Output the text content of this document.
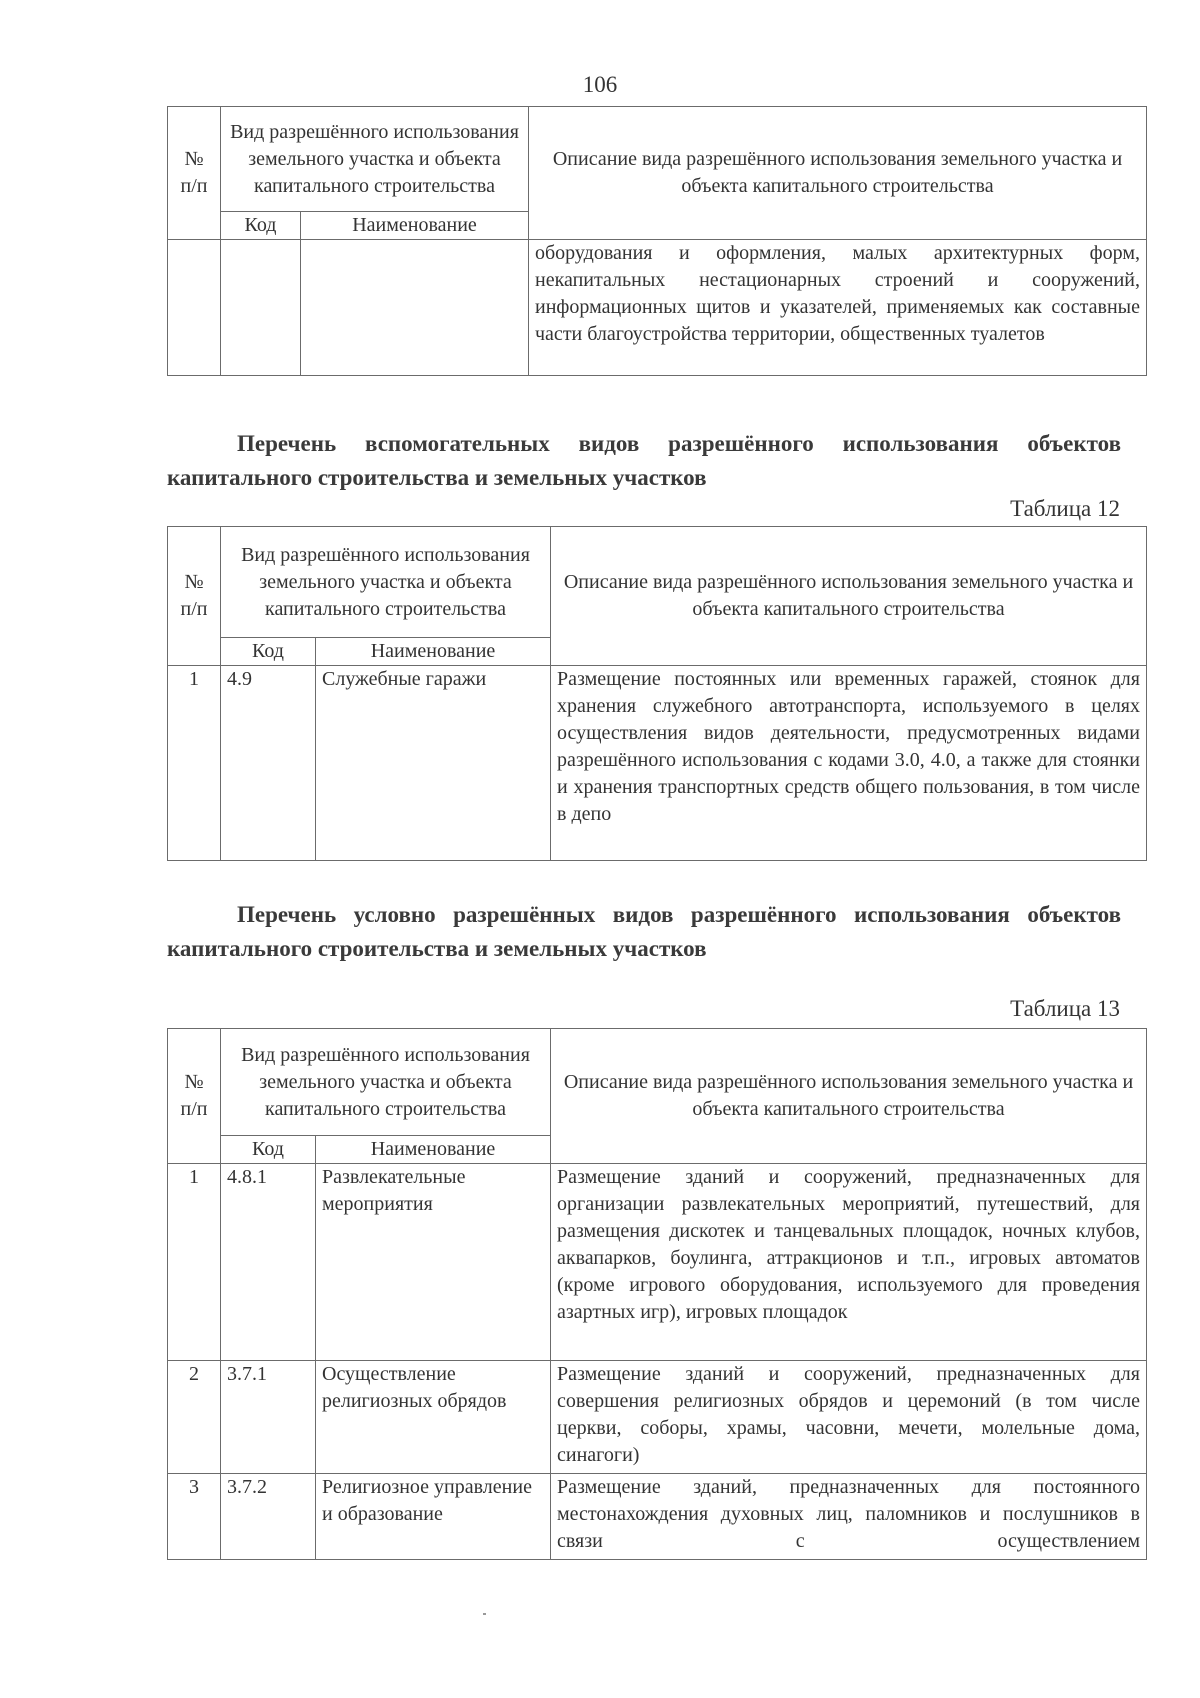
106
№ п/п	Вид разрешённого использования земельного участка и объекта капитального строительства		Описание вида разрешённого использования земельного участка и объекта капитального строительства
	Код	Наименование	
			оборудования и оформления, малых архитектурных форм, некапитальных нестационарных строений и сооружений, информационных щитов и указателей, применяемых как составные части благоустройства территории, общественных туалетов
Перечень вспомогательных видов разрешённого использования объектов капитального строительства и земельных участков
Таблица 12
№ п/п	Вид разрешённого использования земельного участка и объекта капитального строительства		Описание вида разрешённого использования земельного участка и объекта капитального строительства
	Код	Наименование	
1	4.9	Служебные гаражи	Размещение постоянных или временных гаражей, стоянок для хранения служебного автотранспорта, используемого в целях осуществления видов деятельности, предусмотренных видами разрешённого использования с кодами 3.0, 4.0, а также для стоянки и хранения транспортных средств общего пользования, в том числе в депо
Перечень условно разрешённых видов разрешённого использования объектов капитального строительства и земельных участков
Таблица 13
№ п/п	Вид разрешённого использования земельного участка и объекта капитального строительства		Описание вида разрешённого использования земельного участка и объекта капитального строительства
	Код	Наименование	
1	4.8.1	Развлекательные мероприятия	Размещение зданий и сооружений, предназначенных для организации развлекательных мероприятий, путешествий, для размещения дискотек и танцевальных площадок, ночных клубов, аквапарков, боулинга, аттракционов и т.п., игровых автоматов (кроме игрового оборудования, используемого для проведения азартных игр), игровых площадок
2	3.7.1	Осуществление религиозных обрядов	Размещение зданий и сооружений, предназначенных для совершения религиозных обрядов и церемоний (в том числе церкви, соборы, храмы, часовни, мечети, молельные дома, синагоги)
3	3.7.2	Религиозное управление и образование	Размещение зданий, предназначенных для постоянного местонахождения духовных лиц, паломников и послушников в связи с осуществлением
